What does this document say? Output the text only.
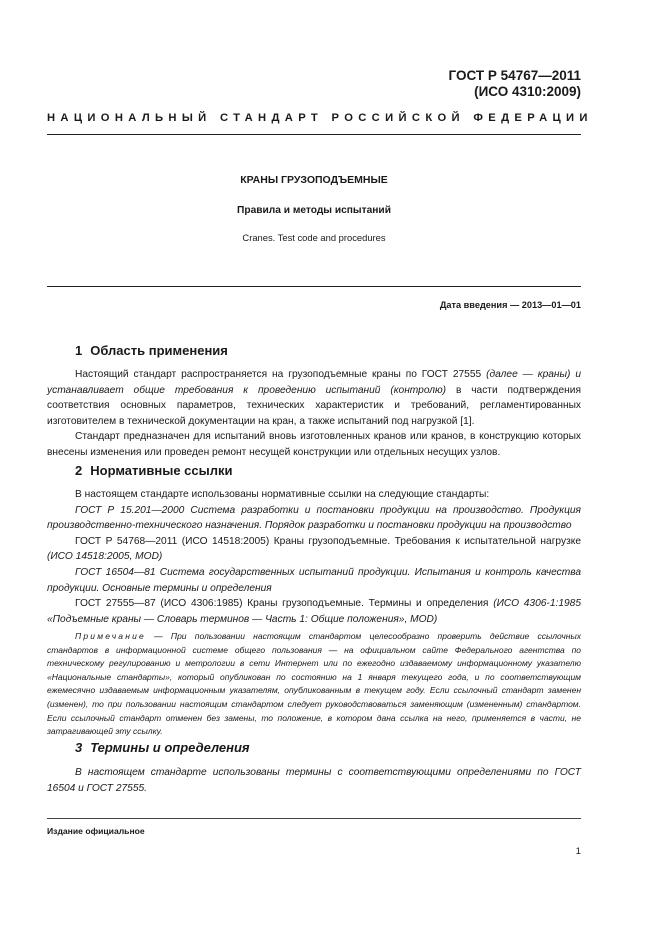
ГОСТ Р 54767—2011
(ИСО 4310:2009)
НАЦИОНАЛЬНЫЙ СТАНДАРТ РОССИЙСКОЙ ФЕДЕРАЦИИ
КРАНЫ ГРУЗОПОДЪЕМНЫЕ
Правила и методы испытаний
Cranes. Test code and procedures
Дата введения — 2013—01—01
1 Область применения

Настоящий стандарт распространяется на грузоподъемные краны по ГОСТ 27555 (далее — краны) и устанавливает общие требования к проведению испытаний (контролю) в части подтверждения соответствия основных параметров, технических характеристик и требований, регламентированных изготовителем в технической документации на кран, а также испытаний под нагрузкой [1].

Стандарт предназначен для испытаний вновь изготовленных кранов или кранов, в конструкцию которых внесены изменения или проведен ремонт несущей конструкции или отдельных несущих узлов.

2 Нормативные ссылки

В настоящем стандарте использованы нормативные ссылки на следующие стандарты:

ГОСТ Р 15.201—2000 Система разработки и постановки продукции на производство. Продукция производственно-технического назначения. Порядок разработки и постановки продукции на производство

ГОСТ Р 54768—2011 (ИСО 14518:2005) Краны грузоподъемные. Требования к испытательной нагрузке (ИСО 14518:2005, MOD)

ГОСТ 16504—81 Система государственных испытаний продукции. Испытания и контроль качества продукции. Основные термины и определения

ГОСТ 27555—87 (ИСО 4306:1985) Краны грузоподъемные. Термины и определения (ИСО 4306-1:1985 «Подъемные краны — Словарь терминов — Часть 1: Общие положения», MOD)

Примечание — При пользовании настоящим стандартом целесообразно проверить действие ссылочных стандартов в информационной системе общего пользования — на официальном сайте Федерального агентства по техническому регулированию и метрологии в сети Интернет или по ежегодно издаваемому информационному указателю «Национальные стандарты», который опубликован по состоянию на 1 января текущего года, и по соответствующим ежемесячно издаваемым информационным указателям, опубликованным в текущем году. Если ссылочный стандарт заменен (изменен), то при пользовании настоящим стандартом следует руководствоваться заменяющим (измененным) стандартом. Если ссылочный стандарт отменен без замены, то положение, в котором дана ссылка на него, применяется в части, не затрагивающей эту ссылку.
3 Термины и определения

В настоящем стандарте использованы термины с соответствующими определениями по ГОСТ 16504 и ГОСТ 27555.

Издание официальное
1
